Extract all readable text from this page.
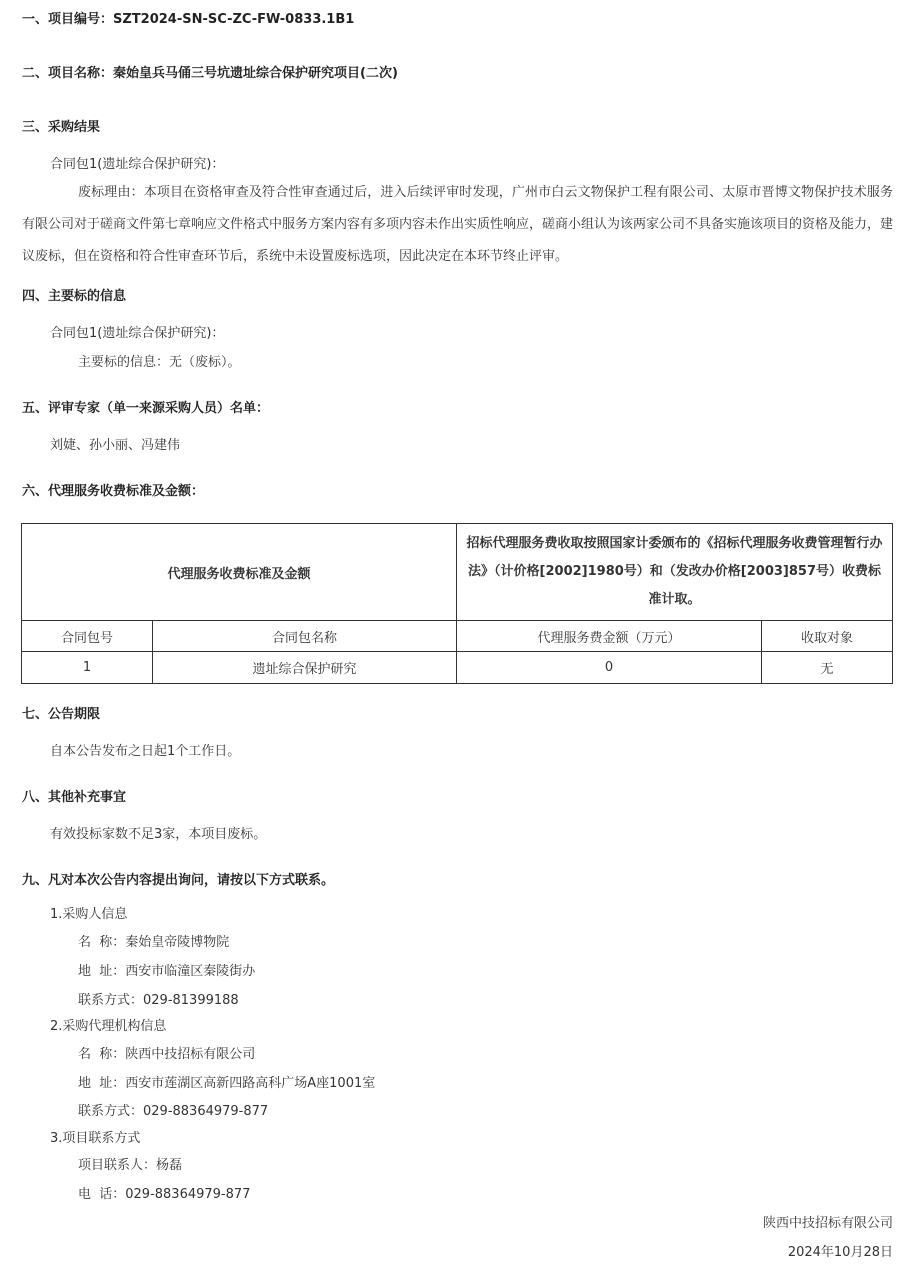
一、项目编号：SZT2024-SN-SC-ZC-FW-0833.1B1
二、项目名称：秦始皇兵马俑三号坑遗址综合保护研究项目(二次)
三、采购结果
合同包1(遗址综合保护研究)：

废标理由：本项目在资格审查及符合性审查通过后，进入后续评审时发现，广州市白云文物保护工程有限公司、太原市晋博文物保护技术服务有限公司对于磋商文件第七章响应文件格式中服务方案内容有多项内容未作出实质性响应，磋商小组认为该两家公司不具备实施该项目的资格及能力，建议废标，但在资格和符合性审查环节后，系统中未设置废标选项，因此决定在本环节终止评审。

四、主要标的信息
合同包1(遗址综合保护研究)：
主要标的信息：无（废标）。
五、评审专家（单一来源采购人员）名单：
刘婕、孙小丽、冯建伟
六、代理服务收费标准及金额：
代理服务收费标准及金额		招标代理服务费收取按照国家计委颁布的《招标代理服务收费管理暂行办法》（计价格[2002]1980号）和（发改办价格[2003]857号）收费标准计取。	
合同包号	合同包名称	代理服务费金额（万元）	收取对象
1	遗址综合保护研究	0	无
七、公告期限
自本公告发布之日起1个工作日。
八、其他补充事宜
有效投标家数不足3家，本项目废标。
九、凡对本次公告内容提出询问，请按以下方式联系。
1.采购人信息
名  称：秦始皇帝陵博物院
地  址：西安市临潼区秦陵街办
联系方式：029-81399188
2.采购代理机构信息
名  称：陕西中技招标有限公司
地  址：西安市莲湖区高新四路高科广场A座1001室
联系方式：029-88364979-877
3.项目联系方式
项目联系人：杨磊
电  话：029-88364979-877
陕西中技招标有限公司
2024年10月28日
